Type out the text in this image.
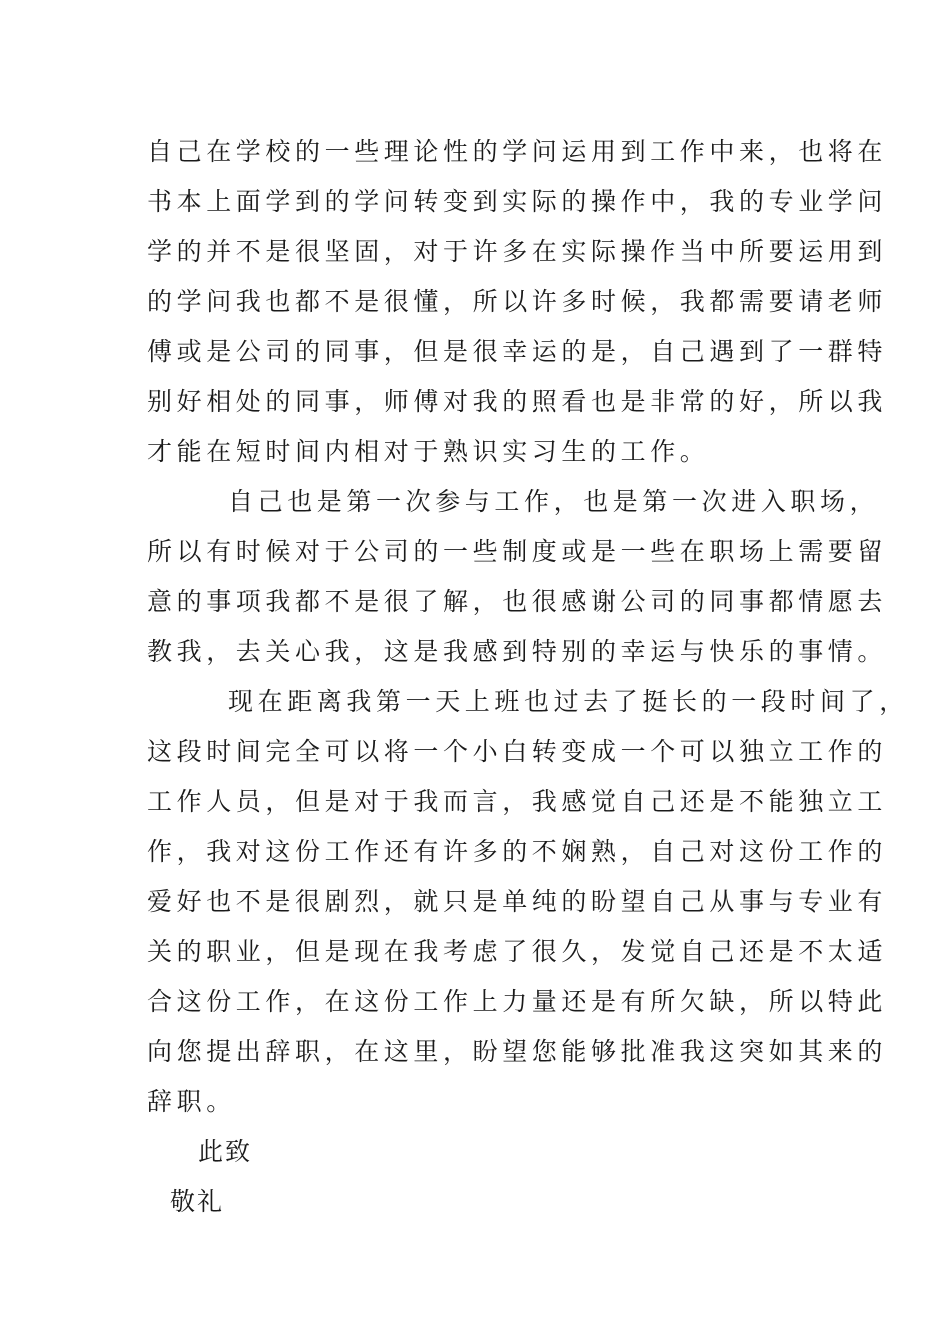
自己在学校的一些理论性的学问运用到工作中来，也将在
书本上面学到的学问转变到实际的操作中，我的专业学问
学的并不是很坚固，对于许多在实际操作当中所要运用到
的学问我也都不是很懂，所以许多时候，我都需要请老师
傅或是公司的同事，但是很幸运的是，自己遇到了一群特
别好相处的同事，师傅对我的照看也是非常的好，所以我
才能在短时间内相对于熟识实习生的工作。
自己也是第一次参与工作，也是第一次进入职场，
所以有时候对于公司的一些制度或是一些在职场上需要留
意的事项我都不是很了解，也很感谢公司的同事都情愿去
教我，去关心我，这是我感到特别的幸运与快乐的事情。
现在距离我第一天上班也过去了挺长的一段时间了，
这段时间完全可以将一个小白转变成一个可以独立工作的
工作人员，但是对于我而言，我感觉自己还是不能独立工
作，我对这份工作还有许多的不娴熟，自己对这份工作的
爱好也不是很剧烈，就只是单纯的盼望自己从事与专业有
关的职业，但是现在我考虑了很久，发觉自己还是不太适
合这份工作，在这份工作上力量还是有所欠缺，所以特此
向您提出辞职，在这里，盼望您能够批准我这突如其来的
辞职。
此致
敬礼
